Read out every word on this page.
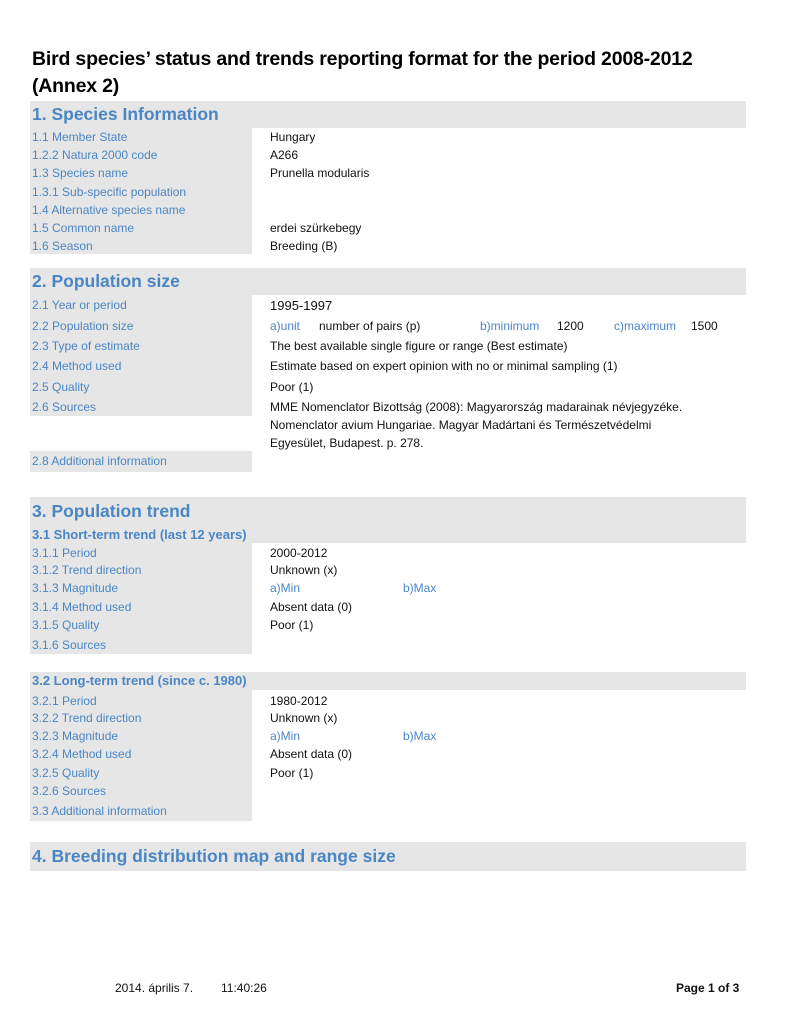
Bird species’ status and trends reporting format for the period 2008-2012 (Annex 2)
1. Species Information
1.1 Member State	Hungary
1.2.2 Natura 2000 code	A266
1.3 Species name	Prunella modularis
1.3.1 Sub-specific population
1.4 Alternative species name
1.5 Common name	erdei szürkebegy
1.6 Season	Breeding (B)
2. Population size
2.1 Year or period	1995-1997
2.2 Population size	a)unit number of pairs (p)	b)minimum 1200	c)maximum 1500
2.3 Type of estimate	The best available single figure or range (Best estimate)
2.4 Method used	Estimate based on expert opinion with no or minimal sampling (1)
2.5 Quality	Poor (1)
2.6 Sources	MME Nomenclator Bizottság (2008): Magyarország madarainak névjegyzéke.
Nomenclator avium Hungariae. Magyar Madártani és Természetvédelmi
Egyesület, Budapest. p. 278.
2.8 Additional information
3. Population trend
3.1 Short-term trend (last 12 years)
3.1.1 Period	2000-2012
3.1.2 Trend direction	Unknown (x)
3.1.3 Magnitude	a)Min	b)Max
3.1.4 Method used	Absent data (0)
3.1.5 Quality	Poor (1)
3.1.6 Sources
3.2 Long-term trend (since c. 1980)
3.2.1 Period	1980-2012
3.2.2 Trend direction	Unknown (x)
3.2.3 Magnitude	a)Min	b)Max
3.2.4 Method used	Absent data (0)
3.2.5 Quality	Poor (1)
3.2.6 Sources
3.3 Additional information
4. Breeding distribution map and range size
2014. április 7. 11:40:26	Page 1 of 3
